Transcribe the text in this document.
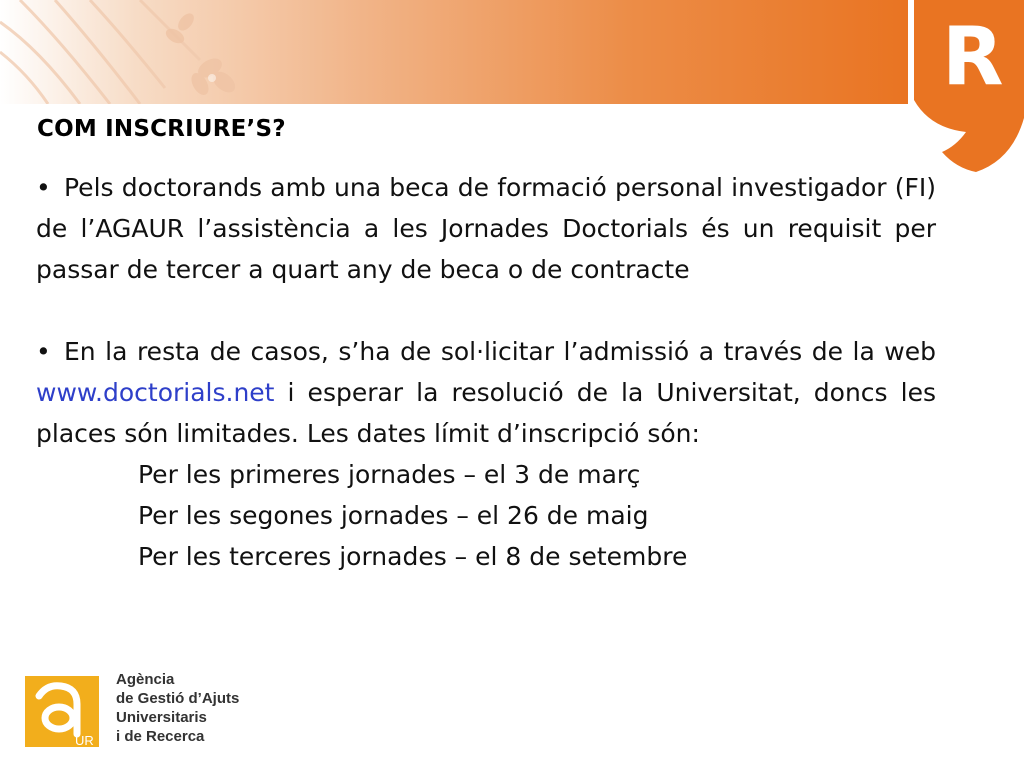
R
COM INSCRIURE’S?

• Pels doctorands amb una beca de formació personal investigador (FI) de l’AGAUR l’assistència a les Jornades Doctorials és un requisit per passar de tercer a quart any de beca o de contracte

• En la resta de casos, s’ha de sol·licitar l’admissió a través de la web www.doctorials.net i esperar la resolució de la Universitat, doncs les places són limitades. Les dates límit d’inscripció són:

Per les primeres jornades – el 3 de març

Per les segones jornades – el 26 de maig

Per les terceres jornades – el 8 de setembre

UR
Agència
de Gestió d’Ajuts
Universitaris
i de Recerca
